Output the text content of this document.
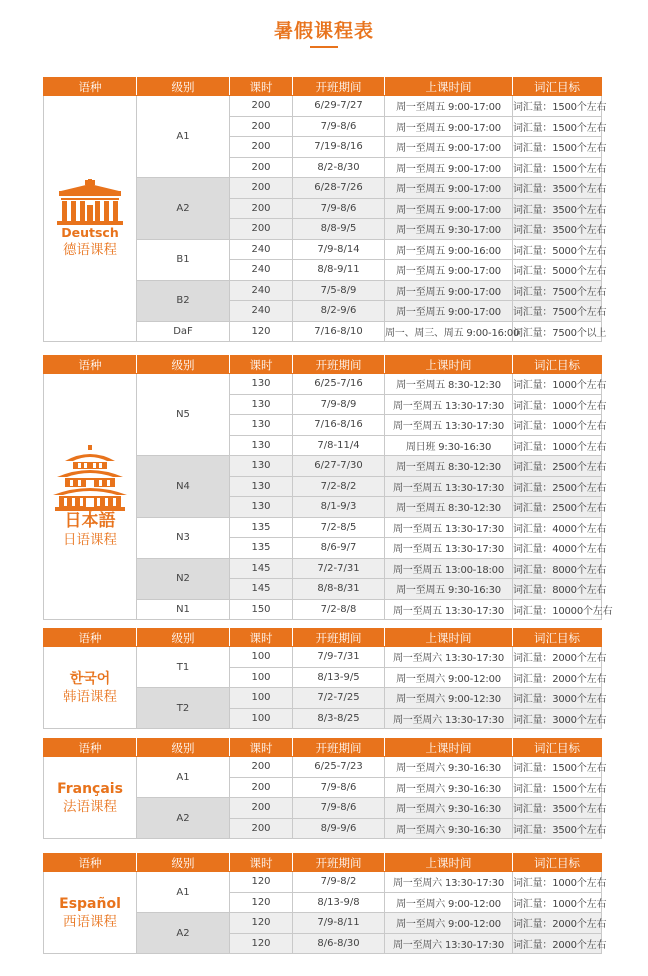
暑假课程表
语种	级别	课时	开班期间	上课时间	词汇目标

Deutsch
德语课程	A1	200	6/29-7/27	周一至周五 9:00-17:00	词汇量：1500个左右
		200	7/9-8/6	周一至周五 9:00-17:00	词汇量：1500个左右
		200	7/19-8/16	周一至周五 9:00-17:00	词汇量：1500个左右
		200	8/2-8/30	周一至周五 9:00-17:00	词汇量：1500个左右
	A2	200	6/28-7/26	周一至周五 9:00-17:00	词汇量：3500个左右
		200	7/9-8/6	周一至周五 9:00-17:00	词汇量：3500个左右
		200	8/8-9/5	周一至周五 9:30-17:00	词汇量：3500个左右
	B1	240	7/9-8/14	周一至周五 9:00-16:00	词汇量：5000个左右
		240	8/8-9/11	周一至周五 9:00-17:00	词汇量：5000个左右
	B2	240	7/5-8/9	周一至周五 9:00-17:00	词汇量：7500个左右
		240	8/2-9/6	周一至周五 9:00-17:00	词汇量：7500个左右
	DaF	120	7/16-8/10	周一、周三、周五 9:00-16:00	词汇量：7500个以上
语种	级别	课时	开班期间	上课时间	词汇目标

日本語
日语课程	N5	130	6/25-7/16	周一至周五 8:30-12:30	词汇量：1000个左右
		130	7/9-8/9	周一至周五 13:30-17:30	词汇量：1000个左右
		130	7/16-8/16	周一至周五 13:30-17:30	词汇量：1000个左右
		130	7/8-11/4	周日班 9:30-16:30	词汇量：1000个左右
	N4	130	6/27-7/30	周一至周五 8:30-12:30	词汇量：2500个左右
		130	7/2-8/2	周一至周五 13:30-17:30	词汇量：2500个左右
		130	8/1-9/3	周一至周五 8:30-12:30	词汇量：2500个左右
	N3	135	7/2-8/5	周一至周五 13:30-17:30	词汇量：4000个左右
		135	8/6-9/7	周一至周五 13:30-17:30	词汇量：4000个左右
	N2	145	7/2-7/31	周一至周五 13:00-18:00	词汇量：8000个左右
		145	8/8-8/31	周一至周五 9:30-16:30	词汇量：8000个左右
	N1	150	7/2-8/8	周一至周五 13:30-17:30	词汇量：10000个左右
语种	级别	课时	开班期间	上课时间	词汇目标

한국어
韩语课程	T1	100	7/9-7/31	周一至周六 13:30-17:30	词汇量：2000个左右
		100	8/13-9/5	周一至周六 9:00-12:00	词汇量：2000个左右
	T2	100	7/2-7/25	周一至周六 9:00-12:30	词汇量：3000个左右
		100	8/3-8/25	周一至周六 13:30-17:30	词汇量：3000个左右
语种	级别	课时	开班期间	上课时间	词汇目标

Français
法语课程	A1	200	6/25-7/23	周一至周六 9:30-16:30	词汇量：1500个左右
		200	7/9-8/6	周一至周六 9:30-16:30	词汇量：1500个左右
	A2	200	7/9-8/6	周一至周六 9:30-16:30	词汇量：3500个左右
		200	8/9-9/6	周一至周六 9:30-16:30	词汇量：3500个左右
语种	级别	课时	开班期间	上课时间	词汇目标

Español
西语课程	A1	120	7/9-8/2	周一至周六 13:30-17:30	词汇量：1000个左右
		120	8/13-9/8	周一至周六 9:00-12:00	词汇量：1000个左右
	A2	120	7/9-8/11	周一至周六 9:00-12:00	词汇量：2000个左右
		120	8/6-8/30	周一至周六 13:30-17:30	词汇量：2000个左右
